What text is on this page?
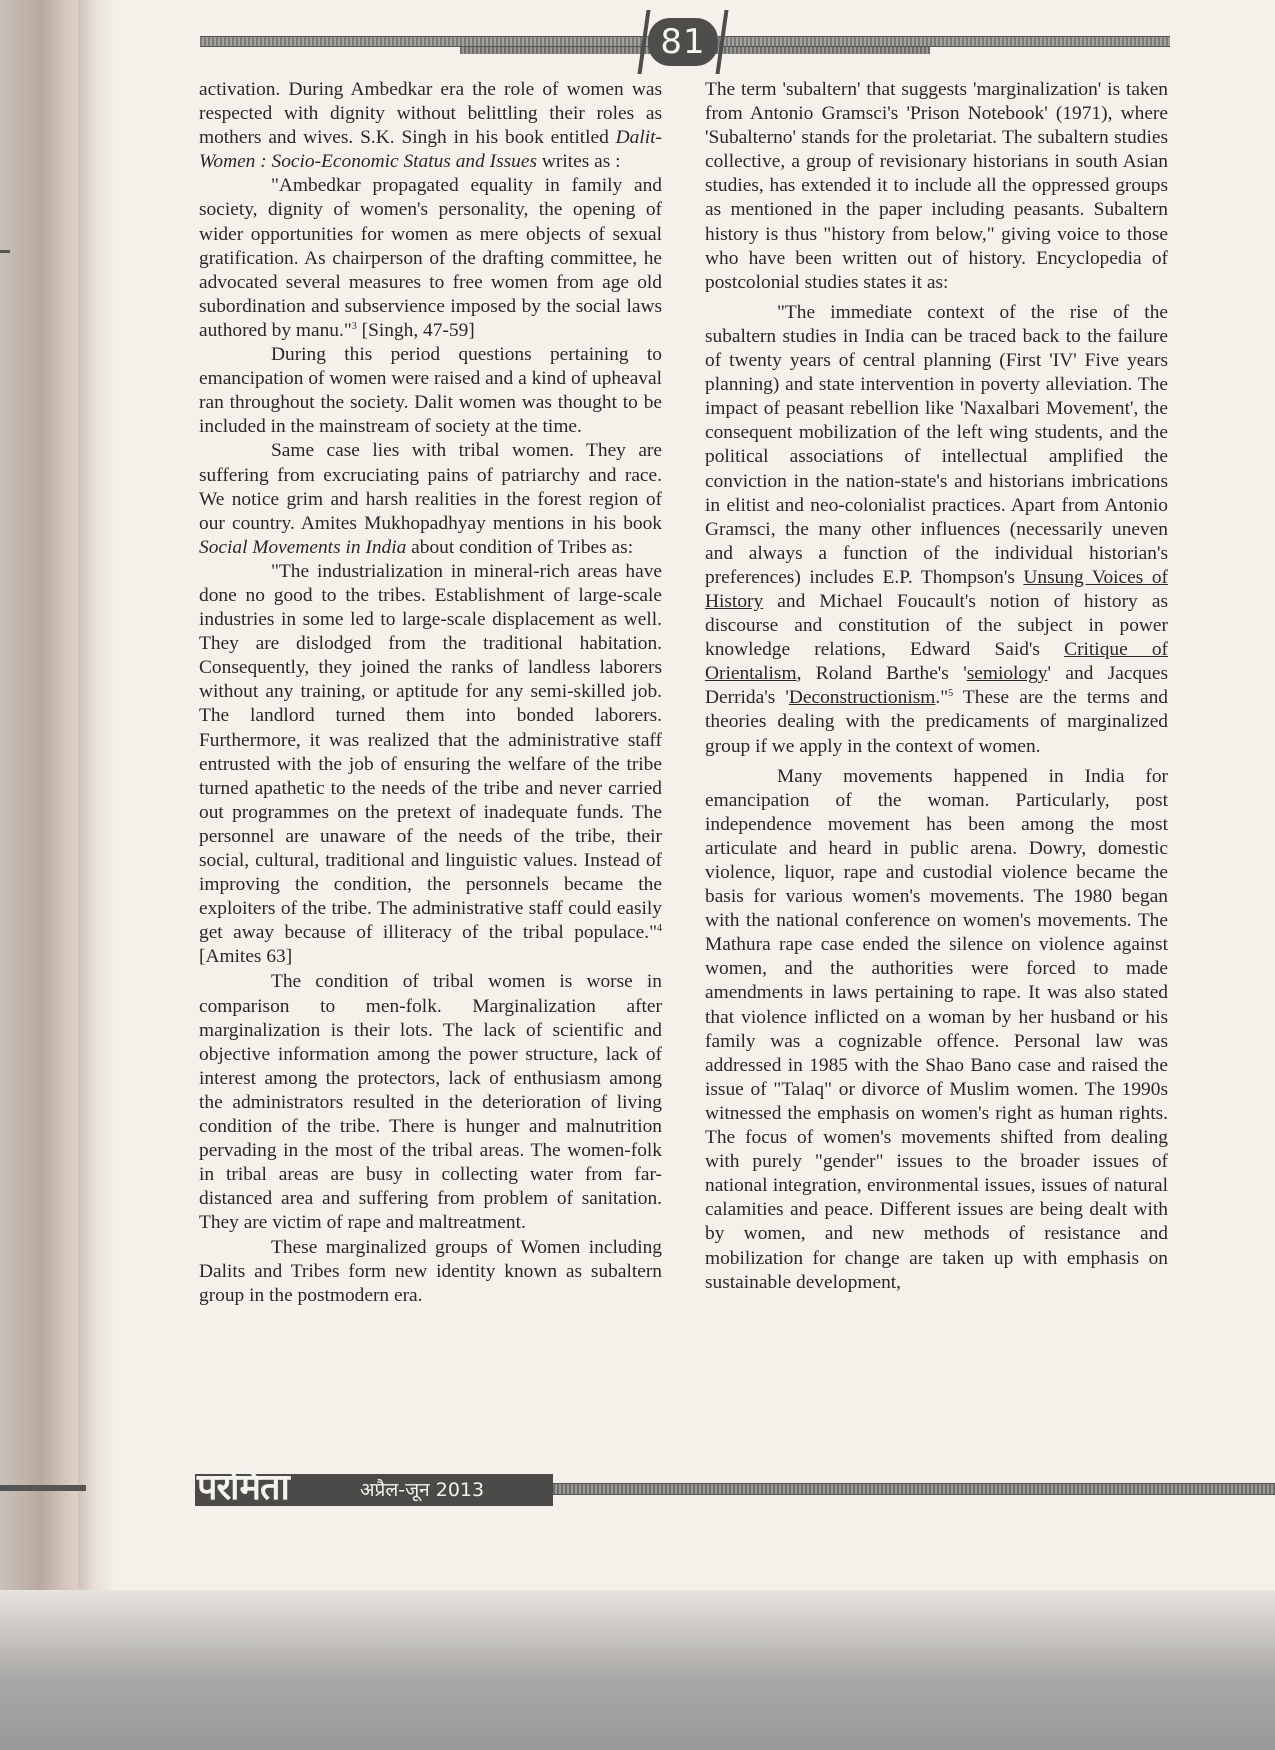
81

activation. During Ambedkar era the role of women was respected with dignity without belittling their roles as mothers and wives. S.K. Singh in his book entitled Dalit-Women : Socio-Economic Status and Issues writes as :

"Ambedkar propagated equality in family and society, dignity of women's personality, the opening of wider opportunities for women as mere objects of sexual gratification. As chairperson of the drafting committee, he advocated several measures to free women from age old subordination and subservience imposed by the social laws authored by manu."$^3$ [Singh, 47-59]

During this period questions pertaining to emancipation of women were raised and a kind of upheaval ran throughout the society. Dalit women was thought to be included in the mainstream of society at the time.

Same case lies with tribal women. They are suffering from excruciating pains of patriarchy and race. We notice grim and harsh realities in the forest region of our country. Amites Mukhopadhyay mentions in his book Social Movements in India about condition of Tribes as:

"The industrialization in mineral-rich areas have done no good to the tribes. Establishment of large-scale industries in some led to large-scale displacement as well. They are dislodged from the traditional habitation. Consequently, they joined the ranks of landless laborers without any training, or aptitude for any semi-skilled job. The landlord turned them into bonded laborers. Furthermore, it was realized that the administrative staff entrusted with the job of ensuring the welfare of the tribe turned apathetic to the needs of the tribe and never carried out programmes on the pretext of inadequate funds. The personnel are unaware of the needs of the tribe, their social, cultural, traditional and linguistic values. Instead of improving the condition, the personnels became the exploiters of the tribe. The administrative staff could easily get away because of illiteracy of the tribal populace."$^4$ [Amites 63]

The condition of tribal women is worse in comparison to men-folk. Marginalization after marginalization is their lots. The lack of scientific and objective information among the power structure, lack of interest among the protectors, lack of enthusiasm among the administrators resulted in the deterioration of living condition of the tribe. There is hunger and malnutrition pervading in the most of the tribal areas. The women-folk in tribal areas are busy in collecting water from far-distanced area and suffering from problem of sanitation. They are victim of rape and maltreatment.

These marginalized groups of Women including Dalits and Tribes form new identity known as subaltern group in the postmodern era.

The term 'subaltern' that suggests 'marginalization' is taken from Antonio Gramsci's 'Prison Notebook' (1971), where 'Subalterno' stands for the proletariat. The subaltern studies collective, a group of revisionary historians in south Asian studies, has extended it to include all the oppressed groups as mentioned in the paper including peasants. Subaltern history is thus "history from below," giving voice to those who have been written out of history. Encyclopedia of postcolonial studies states it as:

"The immediate context of the rise of the subaltern studies in India can be traced back to the failure of twenty years of central planning (First 'IV' Five years planning) and state intervention in poverty alleviation. The impact of peasant rebellion like 'Naxalbari Movement', the consequent mobilization of the left wing students, and the political associations of intellectual amplified the conviction in the nation-state's and historians imbrications in elitist and neo-colonialist practices. Apart from Antonio Gramsci, the many other influences (necessarily uneven and always a function of the individual historian's preferences) includes E.P. Thompson's Unsung Voices of History and Michael Foucault's notion of history as discourse and constitution of the subject in power knowledge relations, Edward Said's Critique of Orientalism, Roland Barthe's 'semiology' and Jacques Derrida's 'Deconstructionism."$^5$ These are the terms and theories dealing with the predicaments of marginalized group if we apply in the context of women.

Many movements happened in India for emancipation of the woman. Particularly, post independence movement has been among the most articulate and heard in public arena. Dowry, domestic violence, liquor, rape and custodial violence became the basis for various women's movements. The 1980 began with the national conference on women's movements. The Mathura rape case ended the silence on violence against women, and the authorities were forced to made amendments in laws pertaining to rape. It was also stated that violence inflicted on a woman by her husband or his family was a cognizable offence. Personal law was addressed in 1985 with the Shao Bano case and raised the issue of "Talaq" or divorce of Muslim women. The 1990s witnessed the emphasis on women's right as human rights. The focus of women's movements shifted from dealing with purely "gender" issues to the broader issues of national integration, environmental issues, issues of natural calamities and peace. Different issues are being dealt with by women, and new methods of resistance and mobilization for change are taken up with emphasis on sustainable development,

परमिता	अप्रैल-जून 2013
